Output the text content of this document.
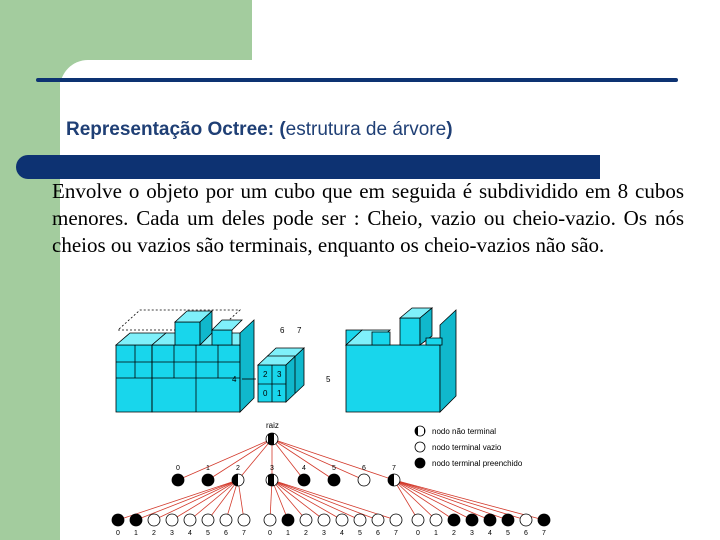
Representação Octree: (estrutura de árvore)
Envolve o objeto por um cubo que em seguida é subdividido em 8 cubos menores. Cada um deles pode ser : Cheio, vazio ou cheio-vazio. Os nós cheios ou vazios são terminais, enquanto os cheio-vazios não são.
6 7
2 3
0 1
4	5
nodo não terminal
nodo terminal vazio
nodo terminal preenchido
raiz
0	1	2	3	4	5	6	7
0 1 2 3 4 5 6 7	0 1 2 3 4 5 6 7	0 1 2 3 4 5 6 7
